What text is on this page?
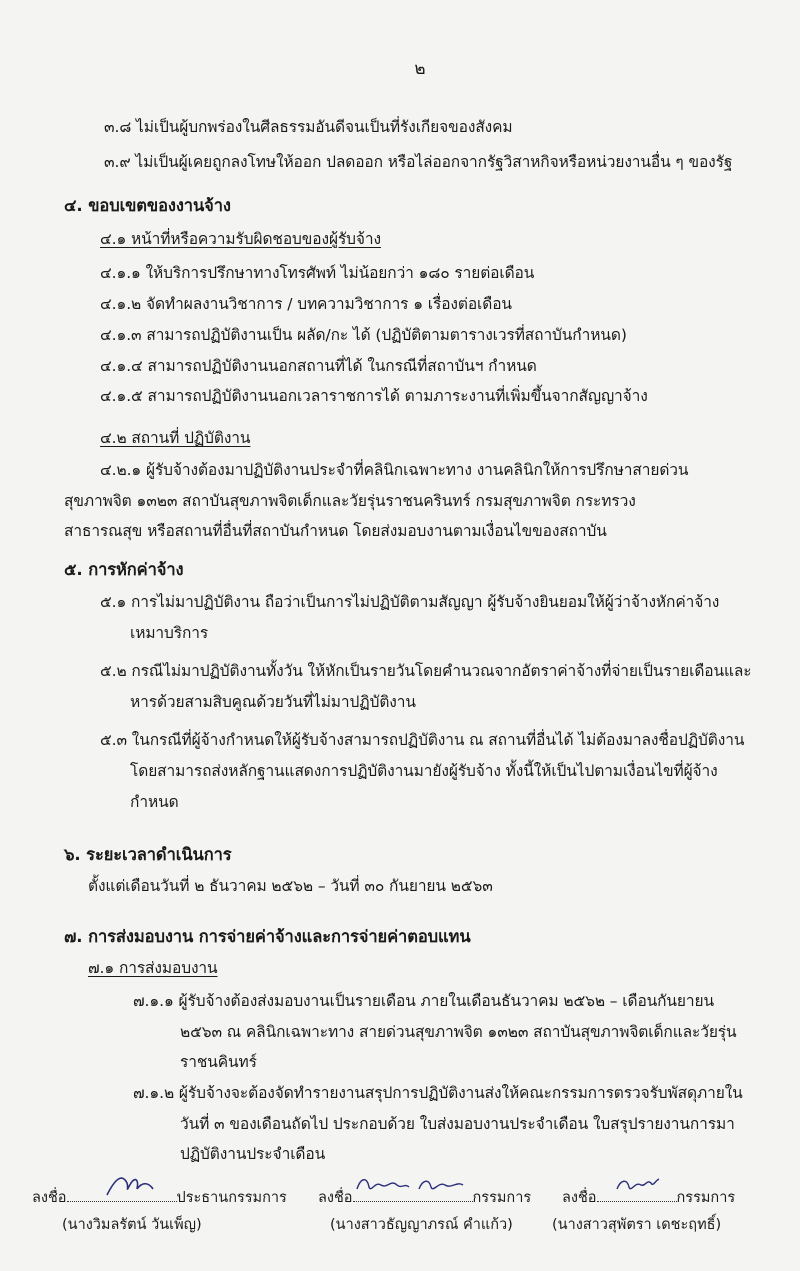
๒
๓.๘ ไม่เป็นผู้บกพร่องในศีลธรรมอันดีจนเป็นที่รังเกียจของสังคม
๓.๙ ไม่เป็นผู้เคยถูกลงโทษให้ออก ปลดออก หรือไล่ออกจากรัฐวิสาหกิจหรือหน่วยงานอื่น ๆ ของรัฐ
๔. ขอบเขตของงานจ้าง
๔.๑ หน้าที่หรือความรับผิดชอบของผู้รับจ้าง
๔.๑.๑ ให้บริการปรึกษาทางโทรศัพท์ ไม่น้อยกว่า ๑๘๐ รายต่อเดือน
๔.๑.๒ จัดทำผลงานวิชาการ / บทความวิชาการ ๑ เรื่องต่อเดือน
๔.๑.๓ สามารถปฏิบัติงานเป็น ผลัด/กะ ได้ (ปฏิบัติตามตารางเวรที่สถาบันกำหนด)
๔.๑.๔ สามารถปฏิบัติงานนอกสถานที่ได้ ในกรณีที่สถาบันฯ กำหนด
๔.๑.๕ สามารถปฏิบัติงานนอกเวลาราชการได้ ตามภาระงานที่เพิ่มขึ้นจากสัญญาจ้าง
๔.๒ สถานที่ ปฏิบัติงาน
๔.๒.๑ ผู้รับจ้างต้องมาปฏิบัติงานประจำที่คลินิกเฉพาะทาง งานคลินิกให้การปรึกษาสายด่วน
สุขภาพจิต ๑๓๒๓ สถาบันสุขภาพจิตเด็กและวัยรุ่นราชนครินทร์ กรมสุขภาพจิต กระทรวง
สาธารณสุข หรือสถานที่อื่นที่สถาบันกำหนด โดยส่งมอบงานตามเงื่อนไขของสถาบัน
๕. การหักค่าจ้าง
๕.๑ การไม่มาปฏิบัติงาน ถือว่าเป็นการไม่ปฏิบัติตามสัญญา ผู้รับจ้างยินยอมให้ผู้ว่าจ้างหักค่าจ้าง
เหมาบริการ
๕.๒ กรณีไม่มาปฏิบัติงานทั้งวัน ให้หักเป็นรายวันโดยคำนวณจากอัตราค่าจ้างที่จ่ายเป็นรายเดือนและ
หารด้วยสามสิบคูณด้วยวันที่ไม่มาปฏิบัติงาน
๕.๓ ในกรณีที่ผู้จ้างกำหนดให้ผู้รับจ้างสามารถปฏิบัติงาน ณ สถานที่อื่นได้ ไม่ต้องมาลงชื่อปฏิบัติงาน
โดยสามารถส่งหลักฐานแสดงการปฏิบัติงานมายังผู้รับจ้าง ทั้งนี้ให้เป็นไปตามเงื่อนไขที่ผู้จ้าง
กำหนด
๖. ระยะเวลาดำเนินการ
ตั้งแต่เดือนวันที่ ๒ ธันวาคม ๒๕๖๒ – วันที่ ๓๐ กันยายน ๒๕๖๓
๗. การส่งมอบงาน การจ่ายค่าจ้างและการจ่ายค่าตอบแทน
๗.๑ การส่งมอบงาน
๗.๑.๑ ผู้รับจ้างต้องส่งมอบงานเป็นรายเดือน ภายในเดือนธันวาคม ๒๕๖๒ – เดือนกันยายน
๒๕๖๓ ณ คลินิกเฉพาะทาง สายด่วนสุขภาพจิต ๑๓๒๓ สถาบันสุขภาพจิตเด็กและวัยรุ่น
ราชนคินทร์
๗.๑.๒ ผู้รับจ้างจะต้องจัดทำรายงานสรุปการปฏิบัติงานส่งให้คณะกรรมการตรวจรับพัสดุภายใน
วันที่ ๓ ของเดือนถัดไป ประกอบด้วย ใบส่งมอบงานประจำเดือน ใบสรุปรายงานการมา
ปฏิบัติงานประจำเดือน
ลงชื่อ	ประธานกรรมการ
(นางวิมลรัตน์ วันเพ็ญ)
ลงชื่อ	กรรมการ
(นางสาวธัญญาภรณ์ คำแก้ว)
ลงชื่อ	กรรมการ
(นางสาวสุพัตรา เดชะฤทธิ์)
